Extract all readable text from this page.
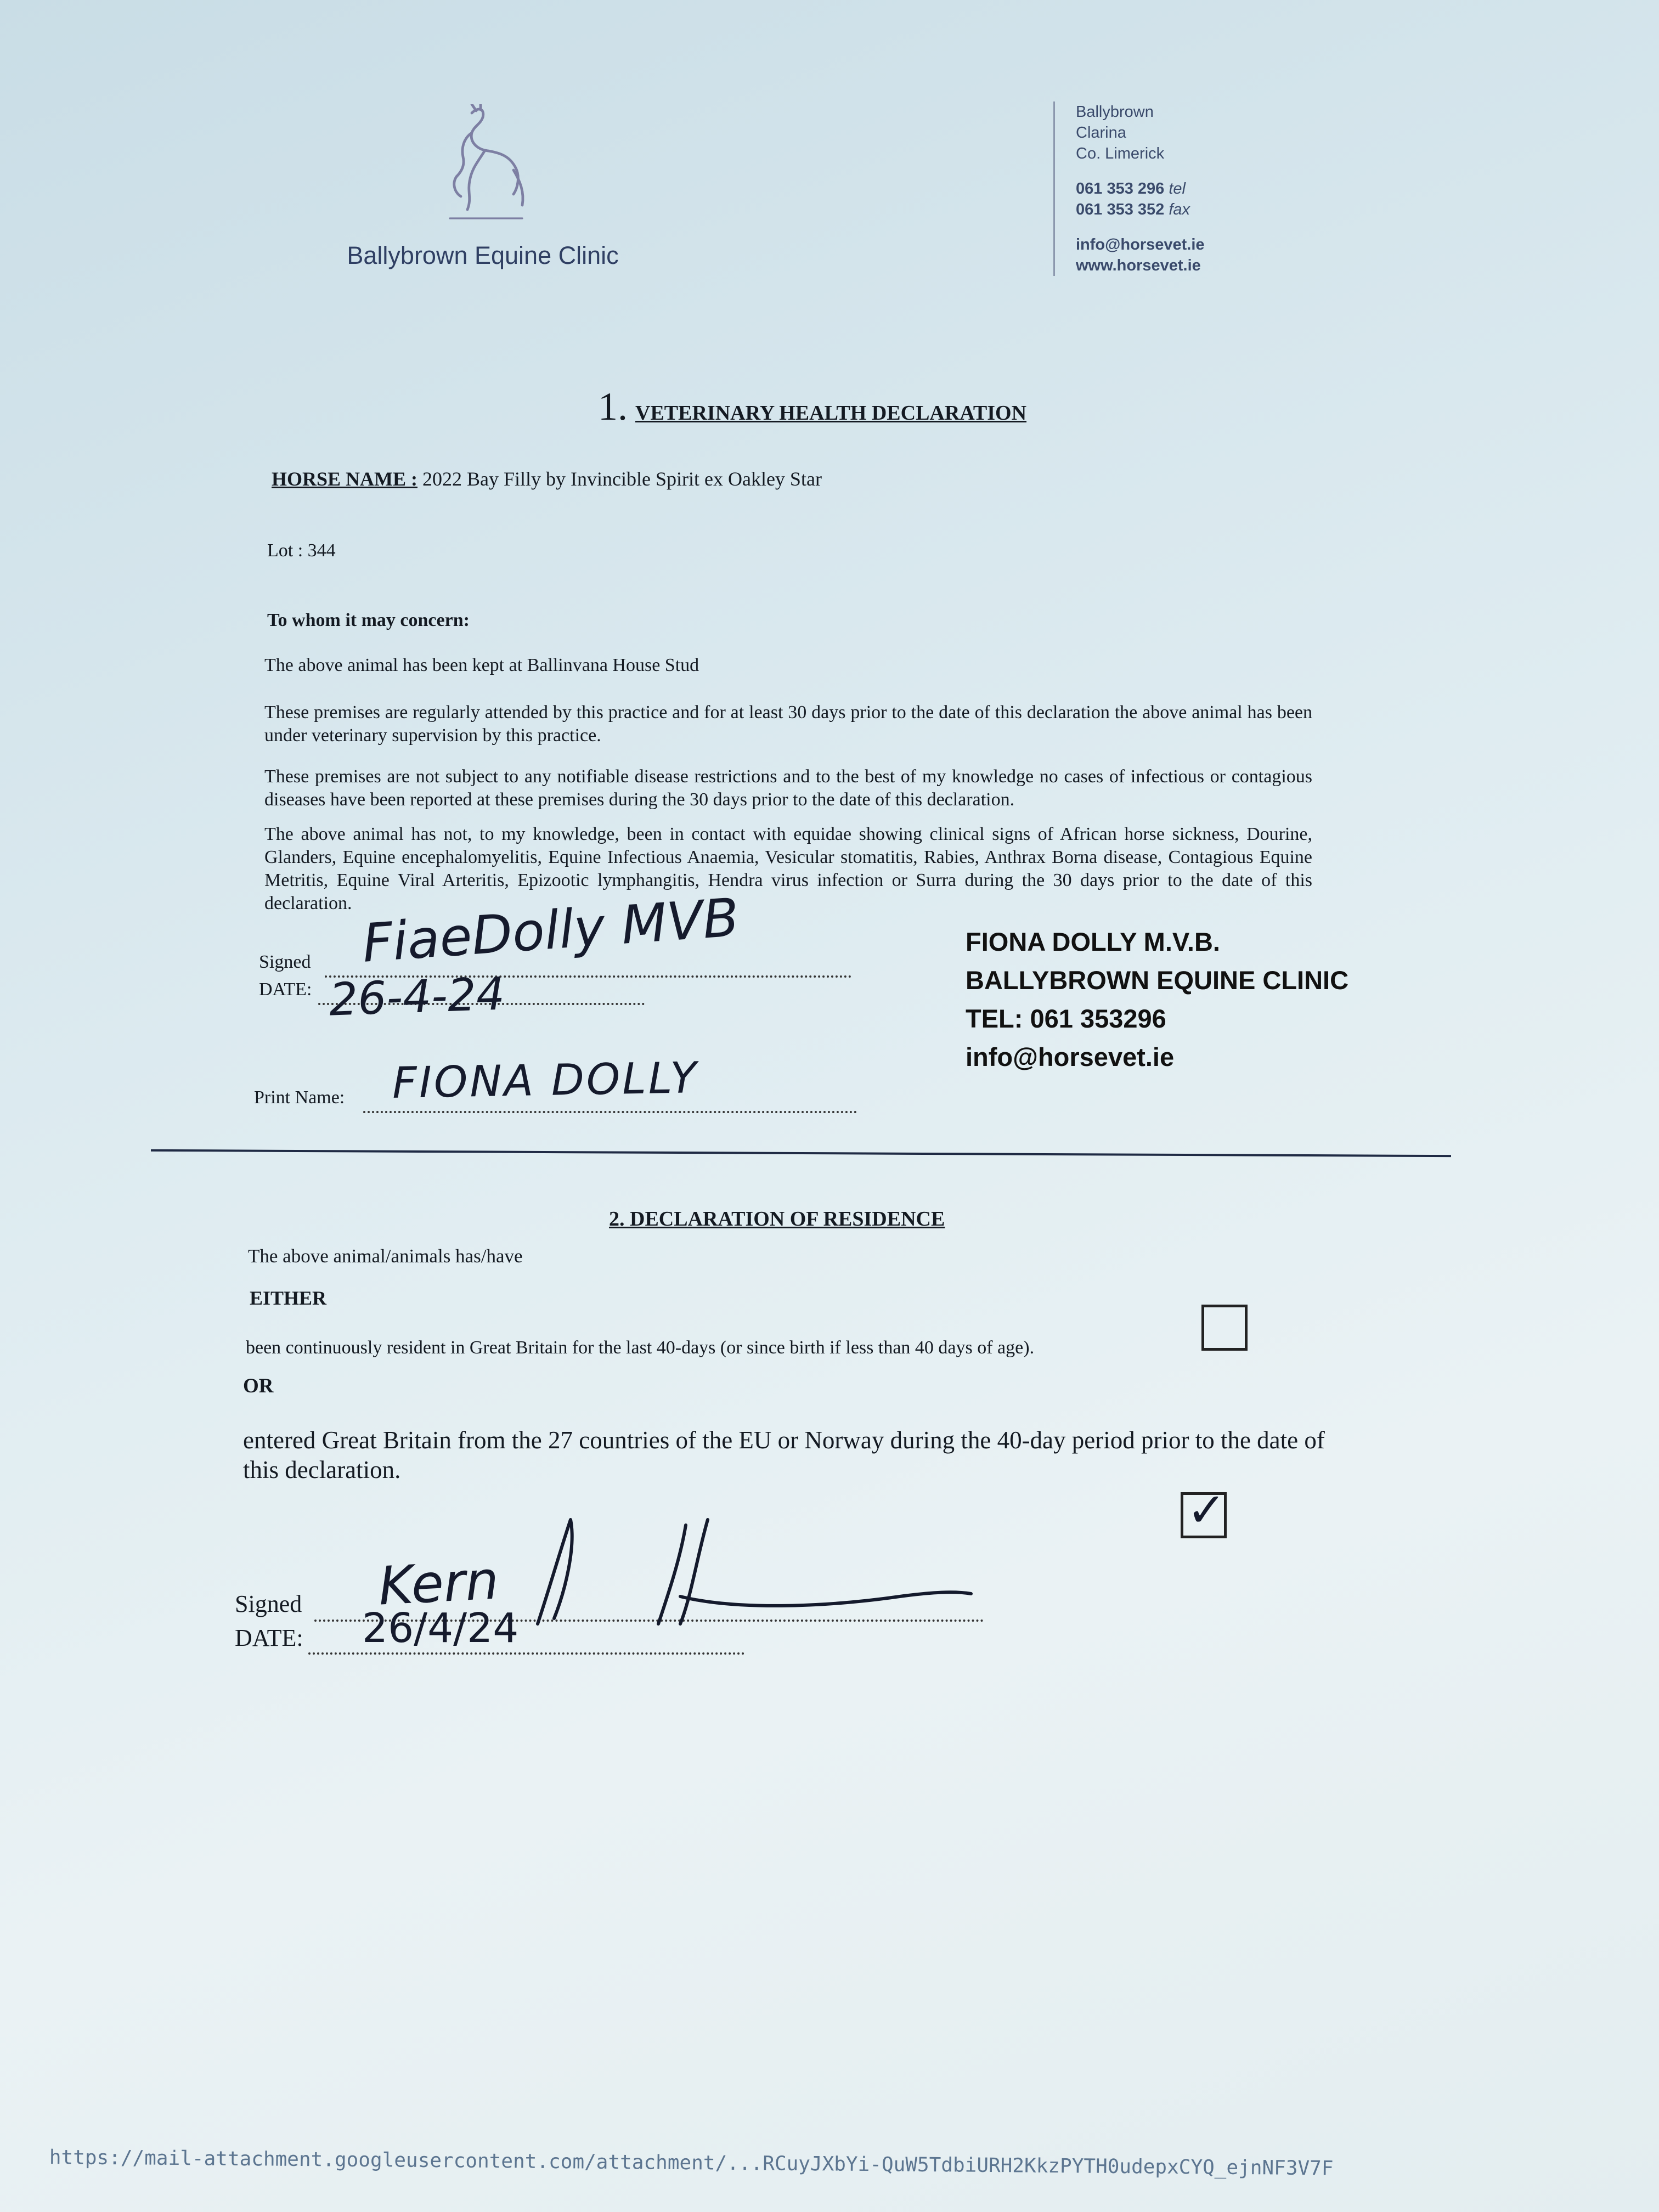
Ballybrown Equine Clinic
Ballybrown
Clarina
Co. Limerick
061 353 296 tel
061 353 352 fax
info@horsevet.ie
www.horsevet.ie
1. VETERINARY HEALTH DECLARATION
HORSE NAME : 2022 Bay Filly by Invincible Spirit ex Oakley Star
Lot : 344
To whom it may concern:
The above animal has been kept at Ballinvana House Stud
These premises are regularly attended by this practice and for at least 30 days prior to the date of this declaration the above animal has been under veterinary supervision by this practice.
These premises are not subject to any notifiable disease restrictions and to the best of my knowledge no cases of infectious or contagious diseases have been reported at these premises during the 30 days prior to the date of this declaration.
The above animal has not, to my knowledge, been in contact with equidae showing clinical signs of African horse sickness, Dourine, Glanders, Equine encephalomyelitis, Equine Infectious Anaemia, Vesicular stomatitis, Rabies, Anthrax Borna disease, Contagious Equine Metritis, Equine Viral Arteritis, Epizootic lymphangitis, Hendra virus infection or Surra during the 30 days prior to the date of this declaration.
Signed FiaeDolly MVB
DATE: 26-4-24
Print Name: FIONA DOLLY
FIONA DOLLY M.V.B.
BALLYBROWN EQUINE CLINIC
TEL: 061 353296
info@horsevet.ie
2. DECLARATION OF RESIDENCE
The above animal/animals has/have
EITHER
been continuously resident in Great Britain for the last 40-days (or since birth if less than 40 days of age).
OR
entered Great Britain from the 27 countries of the EU or Norway during the 40-day period prior to the date of this declaration.
✓
Signed Kern
DATE: 26/4/24
https://mail-attachment.googleusercontent.com/attachment/...RCuyJXbYi-QuW5TdbiURH2KkzPYTH0udepxCYQ_ejnNF3V7F
